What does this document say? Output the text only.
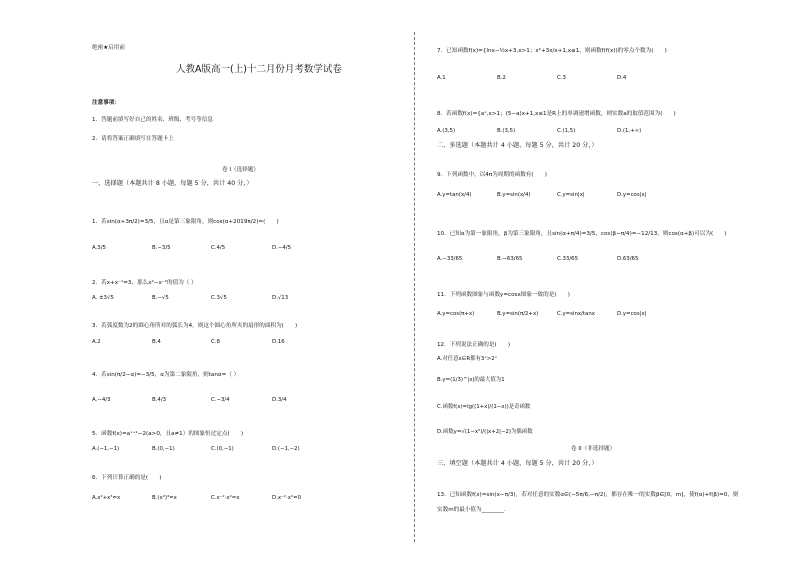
绝密★启用前
人教A版高一(上)十二月份月考数学试卷
注意事项：
1．答题前填写好自己的姓名、班级、考号等信息
2．请将答案正确填写在答题卡上
卷 I（选择题）
一、选择题（本题共计 8 小题，每题 5 分，共计 40 分，）
1．若sin(α+3π/2)=3/5，且α是第三象限角，则cos(α+2019π/2)=(　　)
A.3/5	B.−3/5	C.4/5	D.−4/5
2．若x+x⁻¹=3，那么x²−x⁻²的值为（ ）
A. ±3√5	B.−√5	C.3√5	D.√13
3．若弧度数为2的圆心角所对的弧长为4，则这个圆心角所夹的扇形的面积为(　　)
A.2	B.4	C.8	D.16
4．若sin(π/2−α)=−3/5，α为第二象限角，则tanα=（ ）
A.−4/3	B.4/3	C.−3/4	D.3/4
5．函数f(x)=aˣ⁺¹−2(a>0，且a≠1）的图象恒过定点(　　)
A.(−1,−1)	B.(0,−1)	C.(0,−1)	D.(−1,−2)
6．下列计算正确的是(　　)
A.x²+x³=x	B.(x²)³=x	C.x⁻²·x²=x	D.x⁻²·x²=0
7．已知函数f(x)={lnx−½x+3,x>1；x²+3x/x+1,x≤1，则函数f(f(x))的零点个数为(　　)
A.1	B.2	C.3	D.4
8．若函数f(x)={aˣ,x>1；(5−a)x+1,x≤1是R上的单调递增函数，则实数a的取值范围为(　　)
A.(3,5)	B.(3,5)	C.(1,5)	D.(1,+∞)
二、多选题（本题共计 4 小题，每题 5 分，共计 20 分，）
9．下列函数中，以4π为周期的函数有(　　)
A.y=tan(x/4)	B.y=sin(x/4)	C.y=sin|x|	D.y=cos|x|
10．已知α为第一象限角，β为第三象限角，且sin(α+π/4)=3/5，cos(β−π/4)=−12/13，则cos(α+β)可以为(　　)
A.−33/65	B.−63/65	C.33/65	D.63/65
11．下列函数图象与函数y=cosx图象一致的是(　　)
A.y=cos(π+x)	B.y=sin(π/2+x)	C.y=sinx/tanx	D.y=cos|x|
12．下列说法正确的是(　　)
A.对任意x∈R都有3ˣ>2ˣ
B.y=(1/3)^|x|的最大值为1
C.函数f(x)=lg((1+x)/(1−x))是奇函数
D.函数y=√(1−x²)/(|x+2|−2)为偶函数
卷 II（非选择题）
三、填空题（本题共计 4 小题，每题 5 分，共计 20 分，）
13．已知函数f(x)=sin(x−π/3)，若对任意的实数α∈(−5π/6,−π/2)，都存在唯一的实数β∈[0，m]，使f(α)+f(β)=0，则
实数m的最小值为________.
